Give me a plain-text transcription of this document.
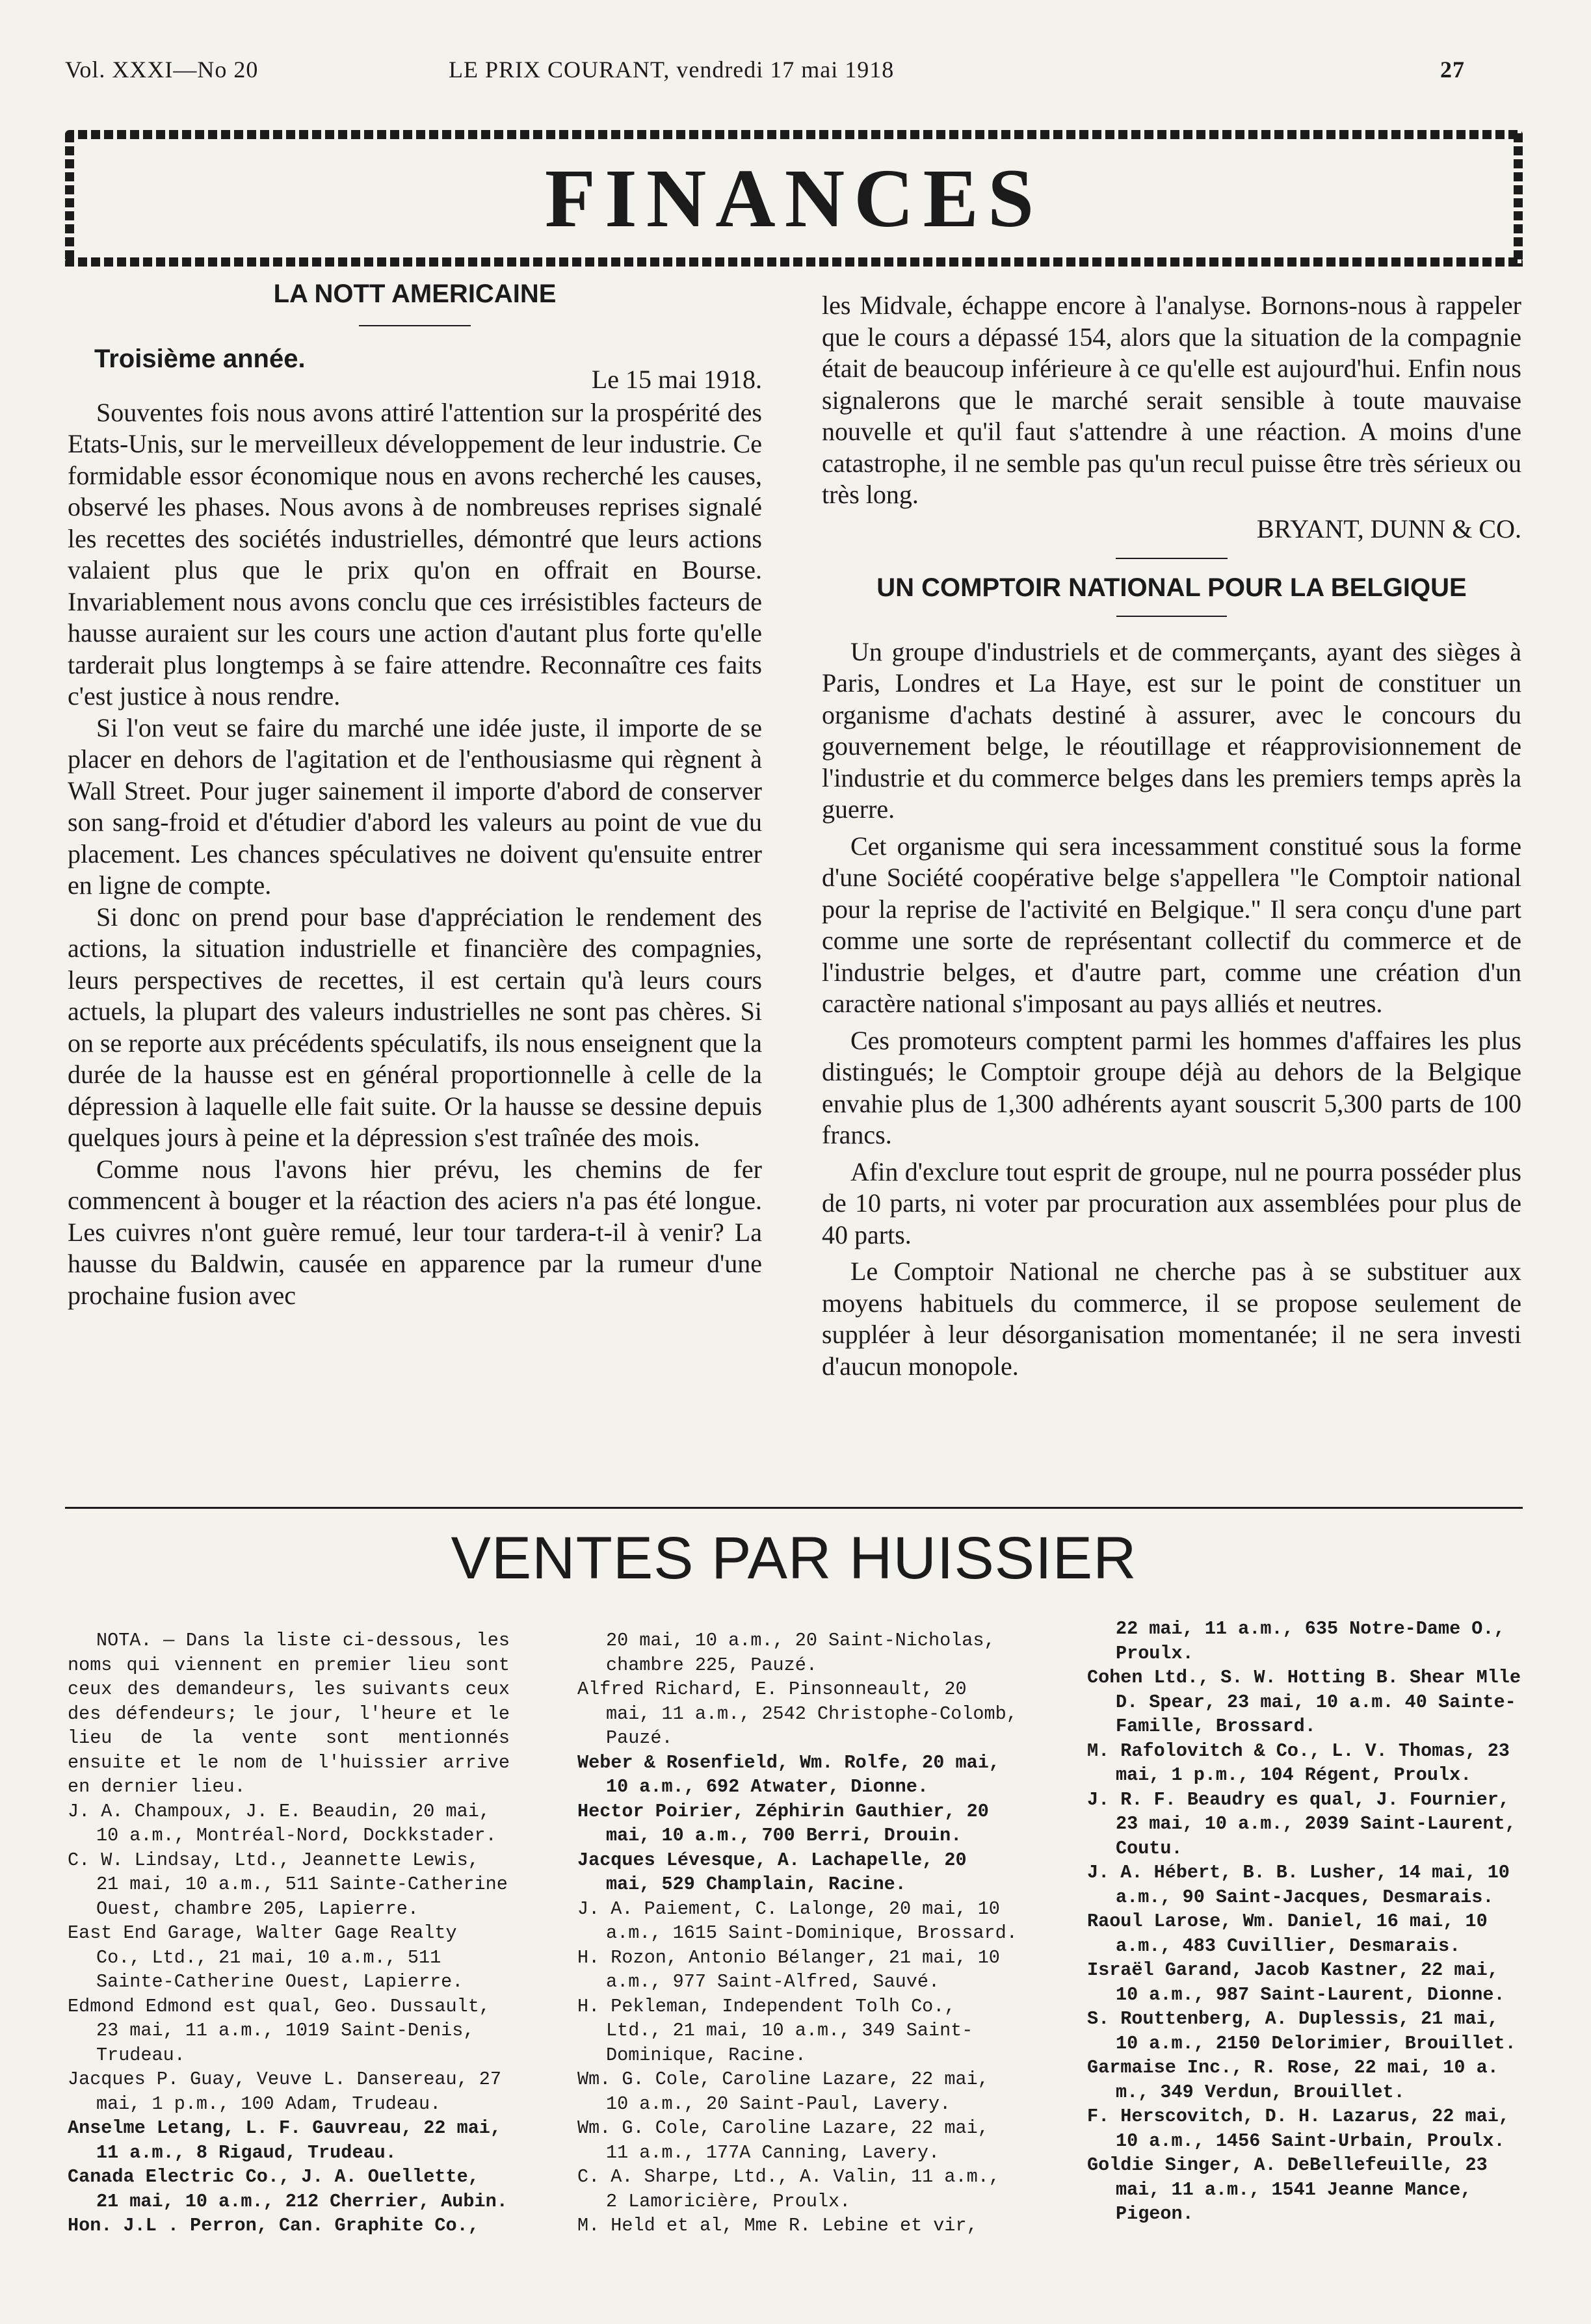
Vol. XXXI—No 20	LE PRIX COURANT, vendredi 17 mai 1918	27
FINANCES
LA NOTT AMERICAINE
Troisième année.
Le 15 mai 1918.

Souventes fois nous avons attiré l'attention sur la prospérité des Etats-Unis, sur le merveilleux développement de leur industrie. Ce formidable essor économique nous en avons recherché les causes, observé les phases. Nous avons à de nombreuses reprises signalé les recettes des sociétés industrielles, démontré que leurs actions valaient plus que le prix qu'on en offrait en Bourse. Invariablement nous avons conclu que ces irrésistibles facteurs de hausse auraient sur les cours une action d'autant plus forte qu'elle tarderait plus longtemps à se faire attendre. Reconnaître ces faits c'est justice à nous rendre.

Si l'on veut se faire du marché une idée juste, il importe de se placer en dehors de l'agitation et de l'enthousiasme qui règnent à Wall Street. Pour juger sainement il importe d'abord de conserver son sang-froid et d'étudier d'abord les valeurs au point de vue du placement. Les chances spéculatives ne doivent qu'ensuite entrer en ligne de compte.

Si donc on prend pour base d'appréciation le rendement des actions, la situation industrielle et financière des compagnies, leurs perspectives de recettes, il est certain qu'à leurs cours actuels, la plupart des valeurs industrielles ne sont pas chères. Si on se reporte aux précédents spéculatifs, ils nous enseignent que la durée de la hausse est en général proportionnelle à celle de la dépression à laquelle elle fait suite. Or la hausse se dessine depuis quelques jours à peine et la dépression s'est traînée des mois.

Comme nous l'avons hier prévu, les chemins de fer commencent à bouger et la réaction des aciers n'a pas été longue. Les cuivres n'ont guère remué, leur tour tardera-t-il à venir? La hausse du Baldwin, causée en apparence par la rumeur d'une prochaine fusion avec

les Midvale, échappe encore à l'analyse. Bornons-nous à rappeler que le cours a dépassé 154, alors que la situation de la compagnie était de beaucoup inférieure à ce qu'elle est aujourd'hui. Enfin nous signalerons que le marché serait sensible à toute mauvaise nouvelle et qu'il faut s'attendre à une réaction. A moins d'une catastrophe, il ne semble pas qu'un recul puisse être très sérieux ou très long.

BRYANT, DUNN & CO.
UN COMPTOIR NATIONAL POUR LA BELGIQUE

Un groupe d'industriels et de commerçants, ayant des sièges à Paris, Londres et La Haye, est sur le point de constituer un organisme d'achats destiné à assurer, avec le concours du gouvernement belge, le réoutillage et réapprovisionnement de l'industrie et du commerce belges dans les premiers temps après la guerre.

Cet organisme qui sera incessamment constitué sous la forme d'une Société coopérative belge s'appellera "le Comptoir national pour la reprise de l'activité en Belgique." Il sera conçu d'une part comme une sorte de représentant collectif du commerce et de l'industrie belges, et d'autre part, comme une création d'un caractère national s'imposant au pays alliés et neutres.

Ces promoteurs comptent parmi les hommes d'affaires les plus distingués; le Comptoir groupe déjà au dehors de la Belgique envahie plus de 1,300 adhérents ayant souscrit 5,300 parts de 100 francs.

Afin d'exclure tout esprit de groupe, nul ne pourra posséder plus de 10 parts, ni voter par procuration aux assemblées pour plus de 40 parts.

Le Comptoir National ne cherche pas à se substituer aux moyens habituels du commerce, il se propose seulement de suppléer à leur désorganisation momentanée; il ne sera investi d'aucun monopole.

VENTES PAR HUISSIER

NOTA. — Dans la liste ci-dessous, les noms qui viennent en premier lieu sont ceux des demandeurs, les suivants ceux des défendeurs; le jour, l'heure et le lieu de la vente sont mentionnés ensuite et le nom de l'huissier arrive en dernier lieu.

J. A. Champoux, J. E. Beaudin, 20 mai, 10 a.m., Montréal-Nord, Dockkstader.

C. W. Lindsay, Ltd., Jeannette Lewis, 21 mai, 10 a.m., 511 Sainte-Catherine Ouest, chambre 205, Lapierre.

East End Garage, Walter Gage Realty Co., Ltd., 21 mai, 10 a.m., 511 Sainte-Catherine Ouest, Lapierre.

Edmond Edmond est qual, Geo. Dussault, 23 mai, 11 a.m., 1019 Saint-Denis, Trudeau.

Jacques P. Guay, Veuve L. Dansereau, 27 mai, 1 p.m., 100 Adam, Trudeau.

Anselme Letang, L. F. Gauvreau, 22 mai, 11 a.m., 8 Rigaud, Trudeau.

Canada Electric Co., J. A. Ouellette, 21 mai, 10 a.m., 212 Cherrier, Aubin.

Hon. J.L . Perron, Can. Graphite Co.,

20 mai, 10 a.m., 20 Saint-Nicholas, chambre 225, Pauzé.

Alfred Richard, E. Pinsonneault, 20 mai, 11 a.m., 2542 Christophe-Colomb, Pauzé.

Weber & Rosenfield, Wm. Rolfe, 20 mai, 10 a.m., 692 Atwater, Dionne.

Hector Poirier, Zéphirin Gauthier, 20 mai, 10 a.m., 700 Berri, Drouin.

Jacques Lévesque, A. Lachapelle, 20 mai, 529 Champlain, Racine.

J. A. Paiement, C. Lalonge, 20 mai, 10 a.m., 1615 Saint-Dominique, Brossard.

H. Rozon, Antonio Bélanger, 21 mai, 10 a.m., 977 Saint-Alfred, Sauvé.

H. Pekleman, Independent Tolh Co., Ltd., 21 mai, 10 a.m., 349 Saint-Dominique, Racine.

Wm. G. Cole, Caroline Lazare, 22 mai, 10 a.m., 20 Saint-Paul, Lavery.

Wm. G. Cole, Caroline Lazare, 22 mai, 11 a.m., 177A Canning, Lavery.

C. A. Sharpe, Ltd., A. Valin, 11 a.m., 2 Lamoricière, Proulx.

M. Held et al, Mme R. Lebine et vir,

22 mai, 11 a.m., 635 Notre-Dame O., Proulx.

Cohen Ltd., S. W. Hotting B. Shear Mlle D. Spear, 23 mai, 10 a.m. 40 Sainte-Famille, Brossard.

M. Rafolovitch & Co., L. V. Thomas, 23 mai, 1 p.m., 104 Régent, Proulx.

J. R. F. Beaudry es qual, J. Fournier, 23 mai, 10 a.m., 2039 Saint-Laurent, Coutu.

J. A. Hébert, B. B. Lusher, 14 mai, 10 a.m., 90 Saint-Jacques, Desmarais.

Raoul Larose, Wm. Daniel, 16 mai, 10 a.m., 483 Cuvillier, Desmarais.

Israël Garand, Jacob Kastner, 22 mai, 10 a.m., 987 Saint-Laurent, Dionne.

S. Routtenberg, A. Duplessis, 21 mai, 10 a.m., 2150 Delorimier, Brouillet.

Garmaise Inc., R. Rose, 22 mai, 10 a. m., 349 Verdun, Brouillet.

F. Herscovitch, D. H. Lazarus, 22 mai, 10 a.m., 1456 Saint-Urbain, Proulx.

Goldie Singer, A. DeBellefeuille, 23 mai, 11 a.m., 1541 Jeanne Mance, Pigeon.
